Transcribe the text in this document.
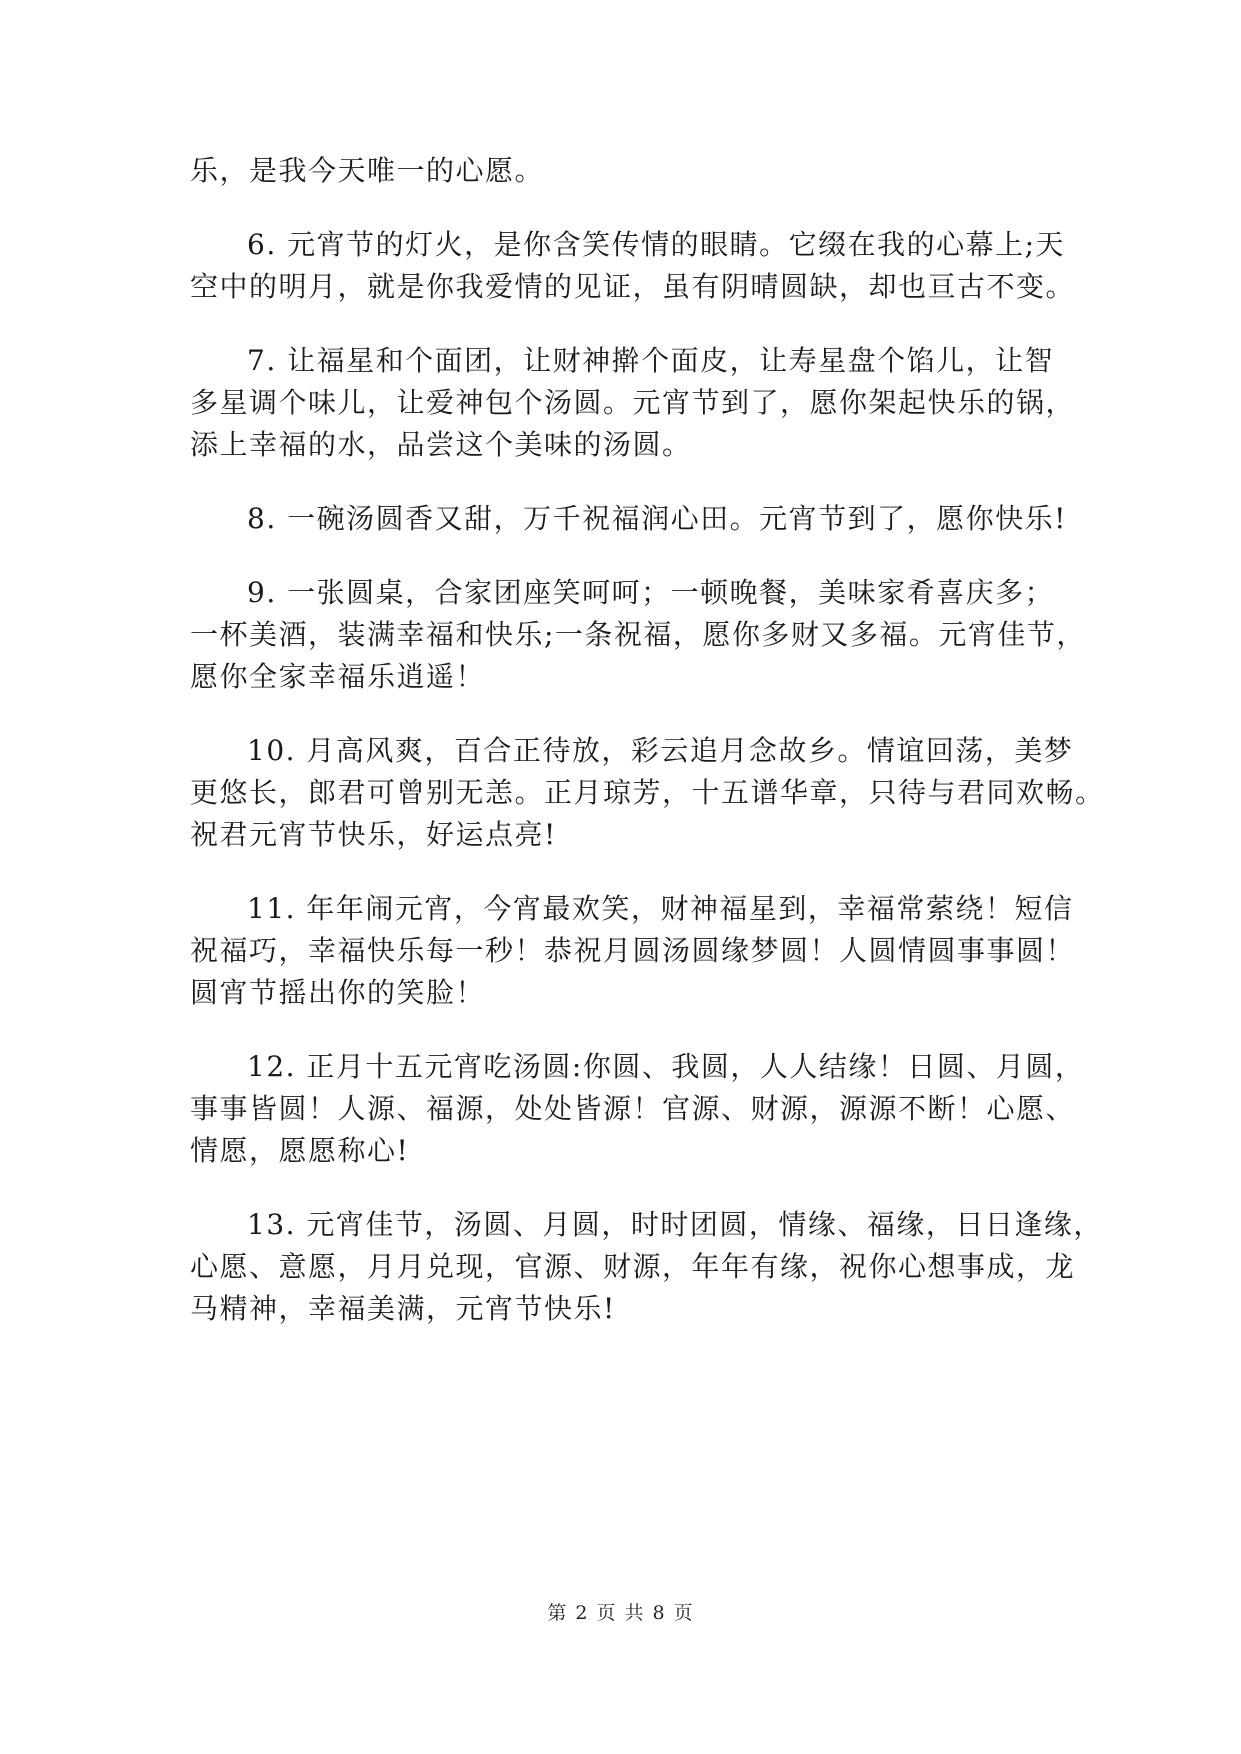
乐，是我今天唯一的心愿。
6. 元宵节的灯火，是你含笑传情的眼睛。它缀在我的心幕上;天
空中的明月，就是你我爱情的见证，虽有阴晴圆缺，却也亘古不变。
7. 让福星和个面团，让财神擀个面皮，让寿星盘个馅儿，让智
多星调个味儿，让爱神包个汤圆。元宵节到了，愿你架起快乐的锅，
添上幸福的水，品尝这个美味的汤圆。
8. 一碗汤圆香又甜，万千祝福润心田。元宵节到了，愿你快乐!
9. 一张圆桌，合家团座笑呵呵；一顿晚餐，美味家肴喜庆多；
一杯美酒，装满幸福和快乐;一条祝福，愿你多财又多福。元宵佳节，
愿你全家幸福乐逍遥！
10. 月高风爽，百合正待放，彩云追月念故乡。情谊回荡，美梦
更悠长，郎君可曾别无恙。正月琼芳，十五谱华章，只待与君同欢畅。
祝君元宵节快乐，好运点亮!
11. 年年闹元宵，今宵最欢笑，财神福星到，幸福常萦绕！短信
祝福巧，幸福快乐每一秒！恭祝月圆汤圆缘梦圆！人圆情圆事事圆！
圆宵节摇出你的笑脸！
12. 正月十五元宵吃汤圆:你圆、我圆，人人结缘！日圆、月圆，
事事皆圆！人源、福源，处处皆源！官源、财源，源源不断！心愿、
情愿，愿愿称心!
13. 元宵佳节，汤圆、月圆，时时团圆，情缘、福缘，日日逢缘，
心愿、意愿，月月兑现，官源、财源，年年有缘，祝你心想事成，龙
马精神，幸福美满，元宵节快乐!
第 2 页 共 8 页
